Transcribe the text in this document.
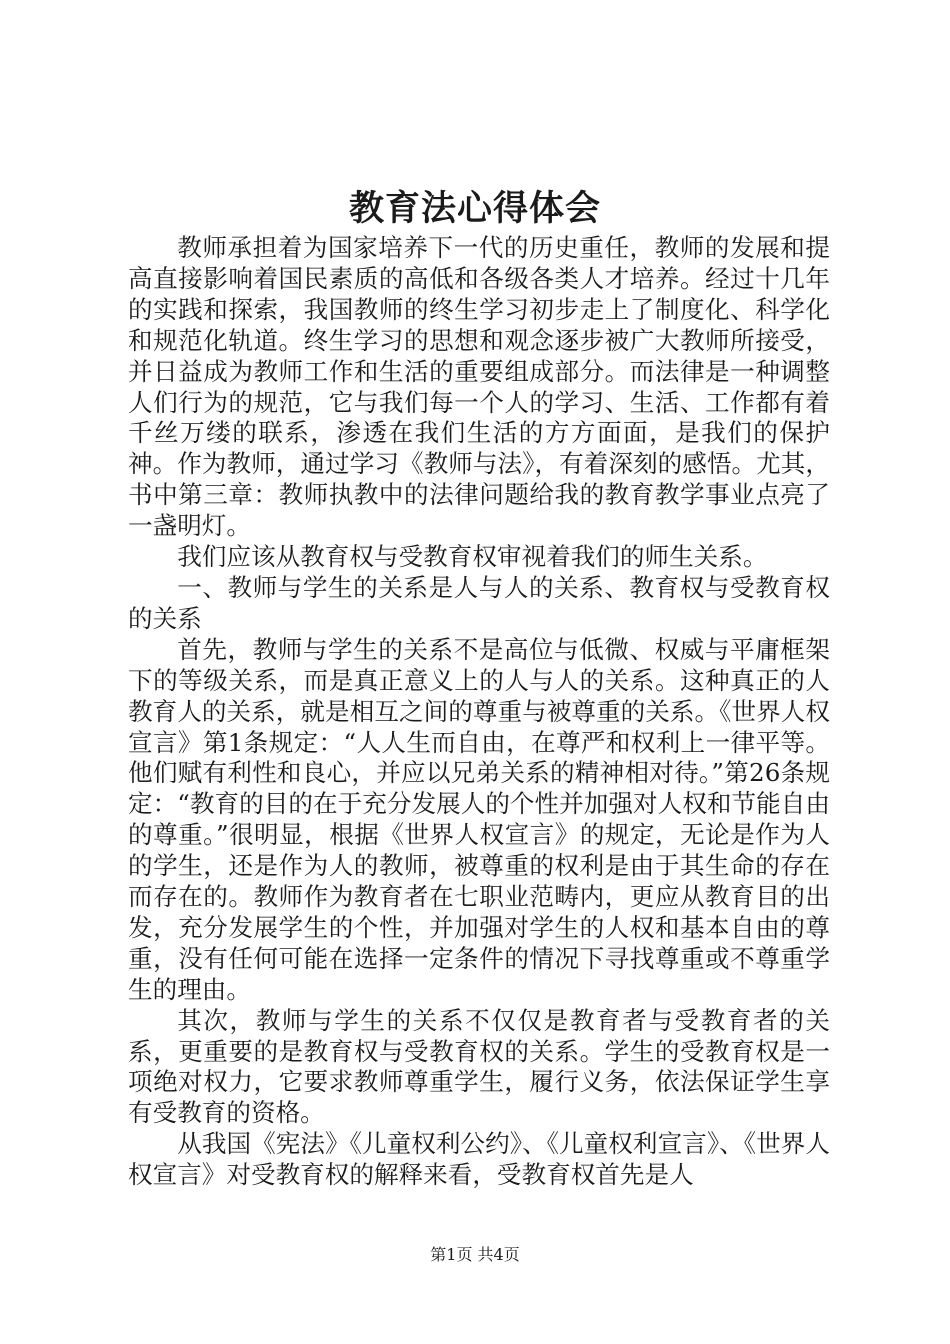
教育法心得体会

教师承担着为国家培养下一代的历史重任，教师的发展和提高直接影响着国民素质的高低和各级各类人才培养。经过十几年的实践和探索，我国教师的终生学习初步走上了制度化、科学化和规范化轨道。终生学习的思想和观念逐步被广大教师所接受，并日益成为教师工作和生活的重要组成部分。而法律是一种调整人们行为的规范，它与我们每一个人的学习、生活、工作都有着千丝万缕的联系，渗透在我们生活的方方面面，是我们的保护神。作为教师，通过学习《教师与法》，有着深刻的感悟。尤其，书中第三章：教师执教中的法律问题给我的教育教学事业点亮了一盏明灯。

我们应该从教育权与受教育权审视着我们的师生关系。

一、教师与学生的关系是人与人的关系、教育权与受教育权的关系

首先，教师与学生的关系不是高位与低微、权威与平庸框架下的等级关系，而是真正意义上的人与人的关系。这种真正的人教育人的关系，就是相互之间的尊重与被尊重的关系。《世界人权宣言》第1条规定：“人人生而自由，在尊严和权利上一律平等。他们赋有利性和良心，并应以兄弟关系的精神相对待。”第26条规定：“教育的目的在于充分发展人的个性并加强对人权和节能自由的尊重。”很明显，根据《世界人权宣言》的规定，无论是作为人的学生，还是作为人的教师，被尊重的权利是由于其生命的存在而存在的。教师作为教育者在七职业范畴内，更应从教育目的出发，充分发展学生的个性，并加强对学生的人权和基本自由的尊重，没有任何可能在选择一定条件的情况下寻找尊重或不尊重学生的理由。

其次，教师与学生的关系不仅仅是教育者与受教育者的关系，更重要的是教育权与受教育权的关系。学生的受教育权是一项绝对权力，它要求教师尊重学生，履行义务，依法保证学生享有受教育的资格。

从我国《宪法》《儿童权利公约》、《儿童权利宣言》、《世界人权宣言》对受教育权的解释来看，受教育权首先是人

第1页 共4页
